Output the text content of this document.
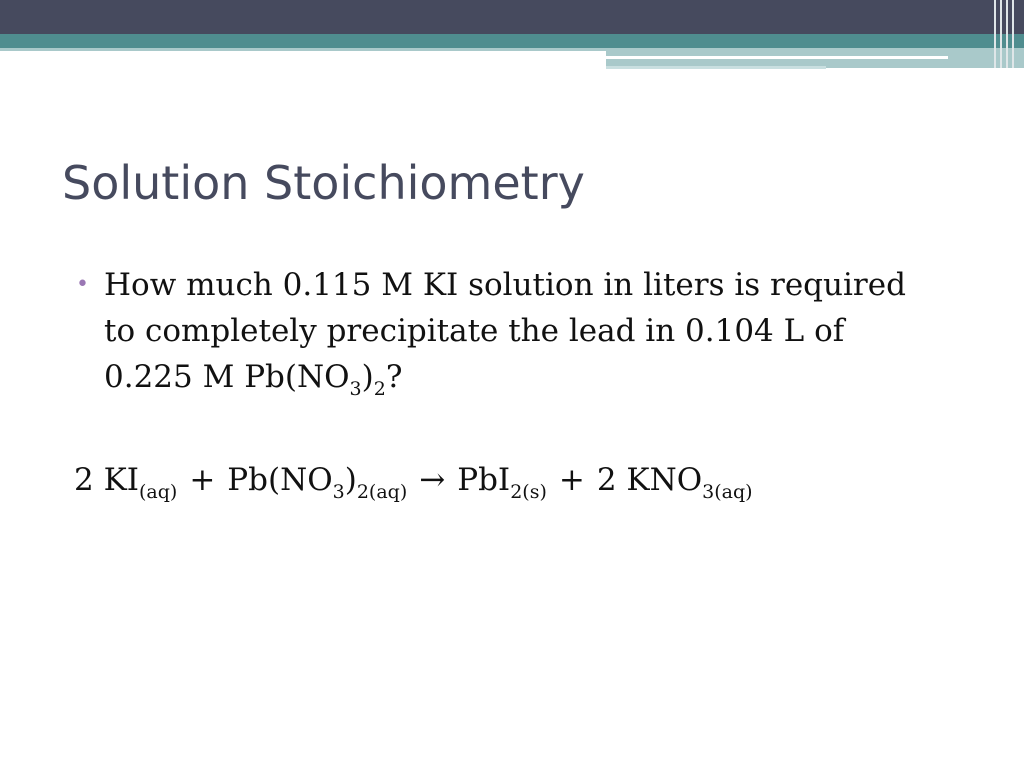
Solution Stoichiometry
• How much 0.115 M KI solution in liters is required to completely precipitate the lead in 0.104 L of 0.225 M $Pb(NO_3)_2$?
2 $KI_{(aq)} + Pb(NO_3)_{2(aq)} \to PbI_{2(s)} + 2$ $KNO_{3(aq)}$
